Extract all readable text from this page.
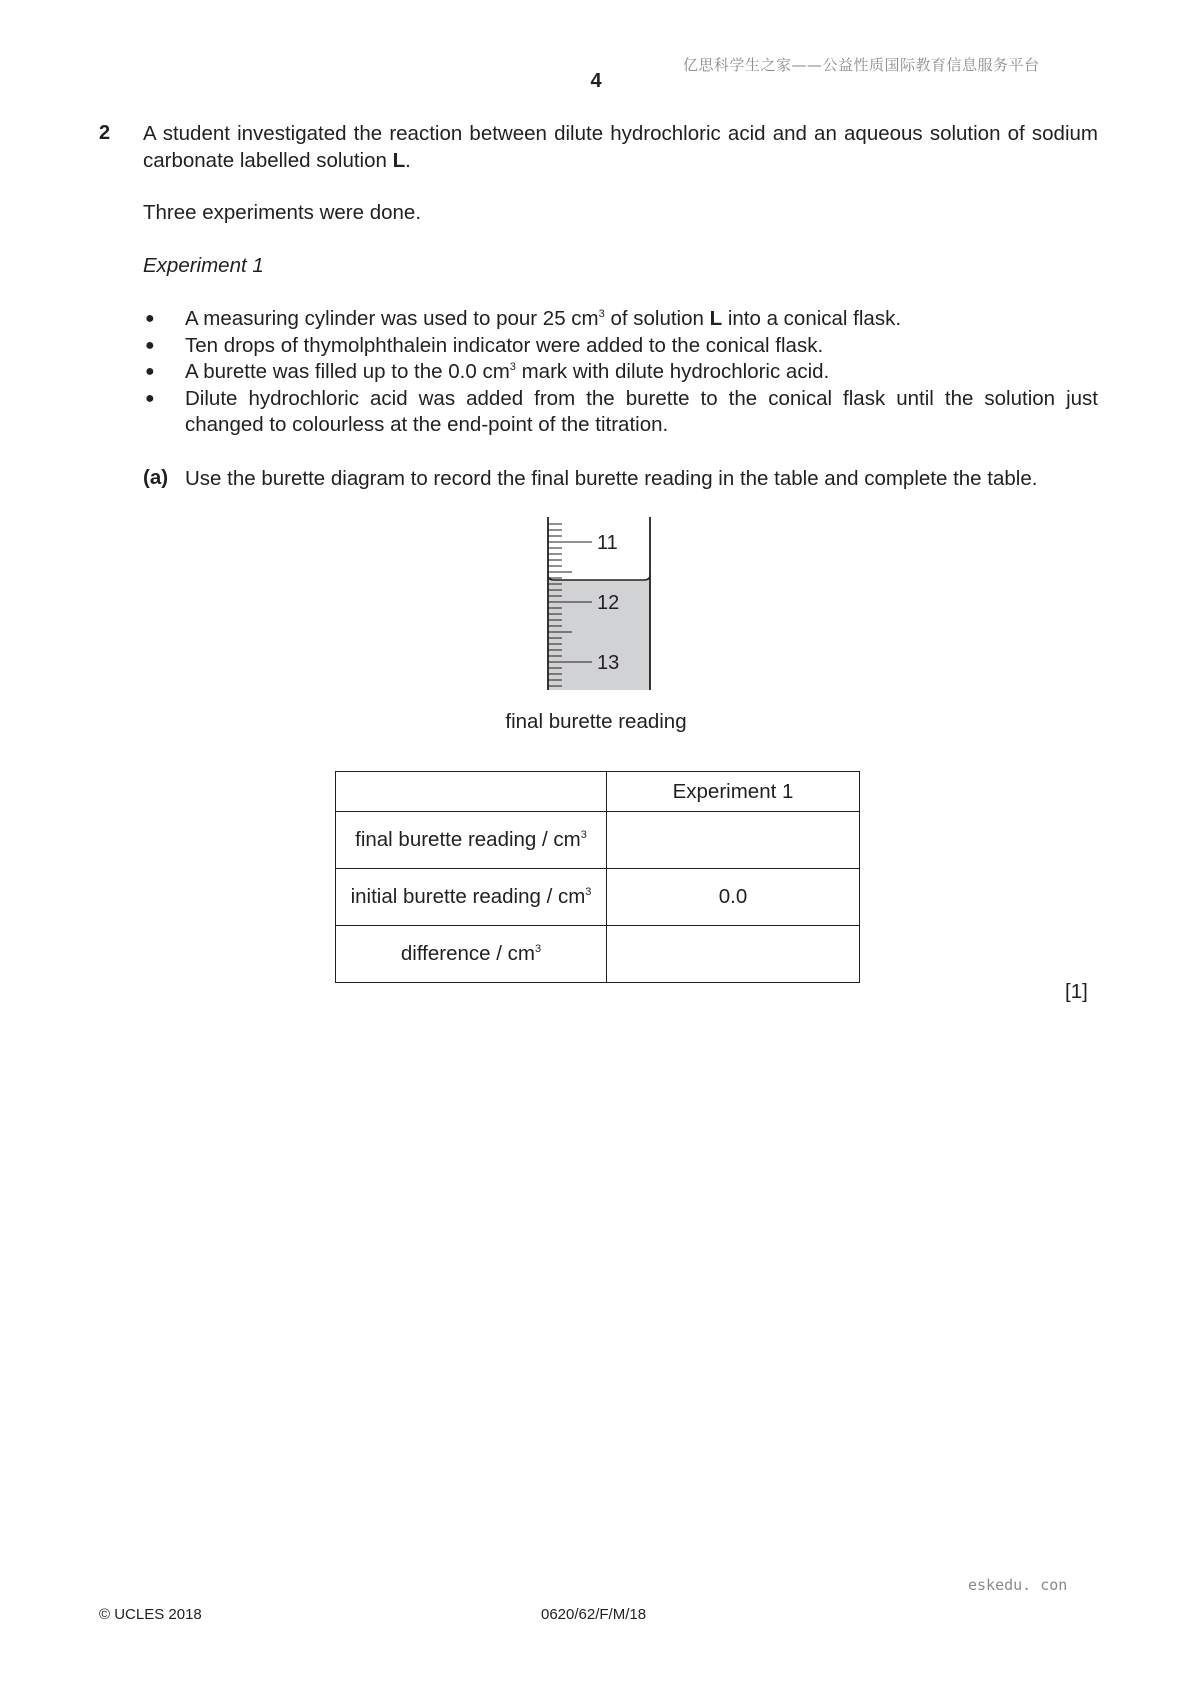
亿思科学生之家——公益性质国际教育信息服务平台
4
2 A student investigated the reaction between dilute hydrochloric acid and an aqueous solution of sodium carbonate labelled solution L.
Three experiments were done.
Experiment 1
● A measuring cylinder was used to pour 25 $cm^3$ of solution L into a conical flask.
● Ten drops of thymolphthalein indicator were added to the conical flask.
● A burette was filled up to the 0.0 $cm^3$ mark with dilute hydrochloric acid.
● Dilute hydrochloric acid was added from the burette to the conical flask until the solution just changed to colourless at the end-point of the titration.
(a) Use the burette diagram to record the final burette reading in the table and complete the table.
11
12
13
final burette reading
	Experiment 1
final burette reading / $cm^3$	
initial burette reading / $cm^3$	0.0
difference / $cm^3$	
[1]
eskedu. con
© UCLES 2018	0620/62/F/M/18
